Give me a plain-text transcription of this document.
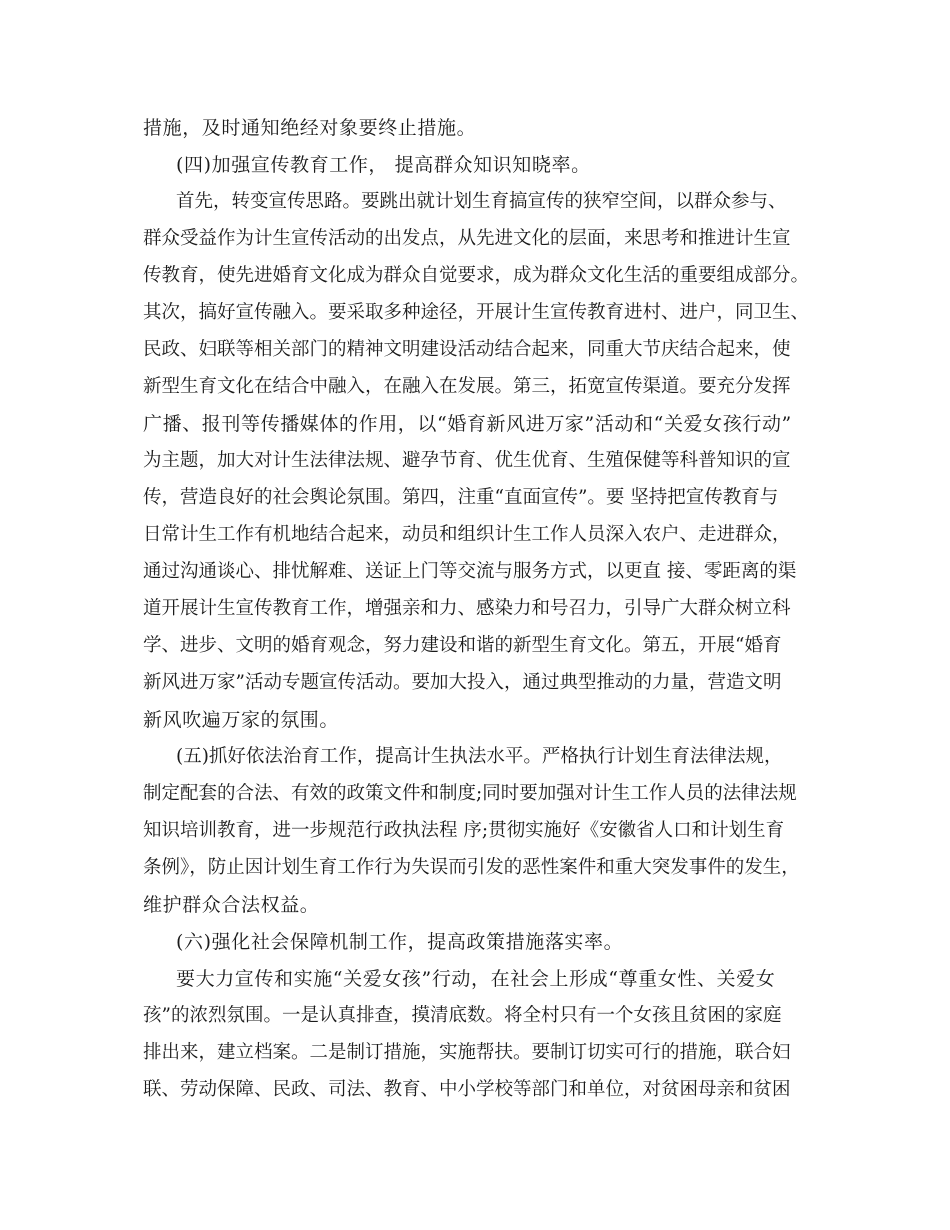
措施，及时通知绝经对象要终止措施。
(四)加强宣传教育工作， 提高群众知识知晓率。
首先，转变宣传思路。要跳出就计划生育搞宣传的狭窄空间，以群众参与、
群众受益作为计生宣传活动的出发点，从先进文化的层面，来思考和推进计生宣
传教育，使先进婚育文化成为群众自觉要求，成为群众文化生活的重要组成部分。
其次，搞好宣传融入。要采取多种途径，开展计生宣传教育进村、进户，同卫生、
民政、妇联等相关部门的精神文明建设活动结合起来，同重大节庆结合起来，使
新型生育文化在结合中融入，在融入在发展。第三，拓宽宣传渠道。要充分发挥
广播、报刊等传播媒体的作用，以“婚育新风进万家”活动和“关爱女孩行动”
为主题，加大对计生法律法规、避孕节育、优生优育、生殖保健等科普知识的宣
传，营造良好的社会舆论氛围。第四，注重“直面宣传”。要 坚持把宣传教育与
日常计生工作有机地结合起来，动员和组织计生工作人员深入农户、走进群众，
通过沟通谈心、排忧解难、送证上门等交流与服务方式，以更直 接、零距离的渠
道开展计生宣传教育工作，增强亲和力、感染力和号召力，引导广大群众树立科
学、进步、文明的婚育观念，努力建设和谐的新型生育文化。第五，开展“婚育
新风进万家”活动专题宣传活动。要加大投入，通过典型推动的力量，营造文明
新风吹遍万家的氛围。
(五)抓好依法治育工作，提高计生执法水平。严格执行计划生育法律法规，
制定配套的合法、有效的政策文件和制度;同时要加强对计生工作人员的法律法规
知识培训教育，进一步规范行政执法程 序;贯彻实施好《安徽省人口和计划生育
条例》，防止因计划生育工作行为失误而引发的恶性案件和重大突发事件的发生，
维护群众合法权益。
(六)强化社会保障机制工作，提高政策措施落实率。
要大力宣传和实施“关爱女孩”行动，在社会上形成“尊重女性、关爱女
孩”的浓烈氛围。一是认真排查，摸清底数。将全村只有一个女孩且贫困的家庭
排出来，建立档案。二是制订措施，实施帮扶。要制订切实可行的措施，联合妇
联、劳动保障、民政、司法、教育、中小学校等部门和单位，对贫困母亲和贫困
